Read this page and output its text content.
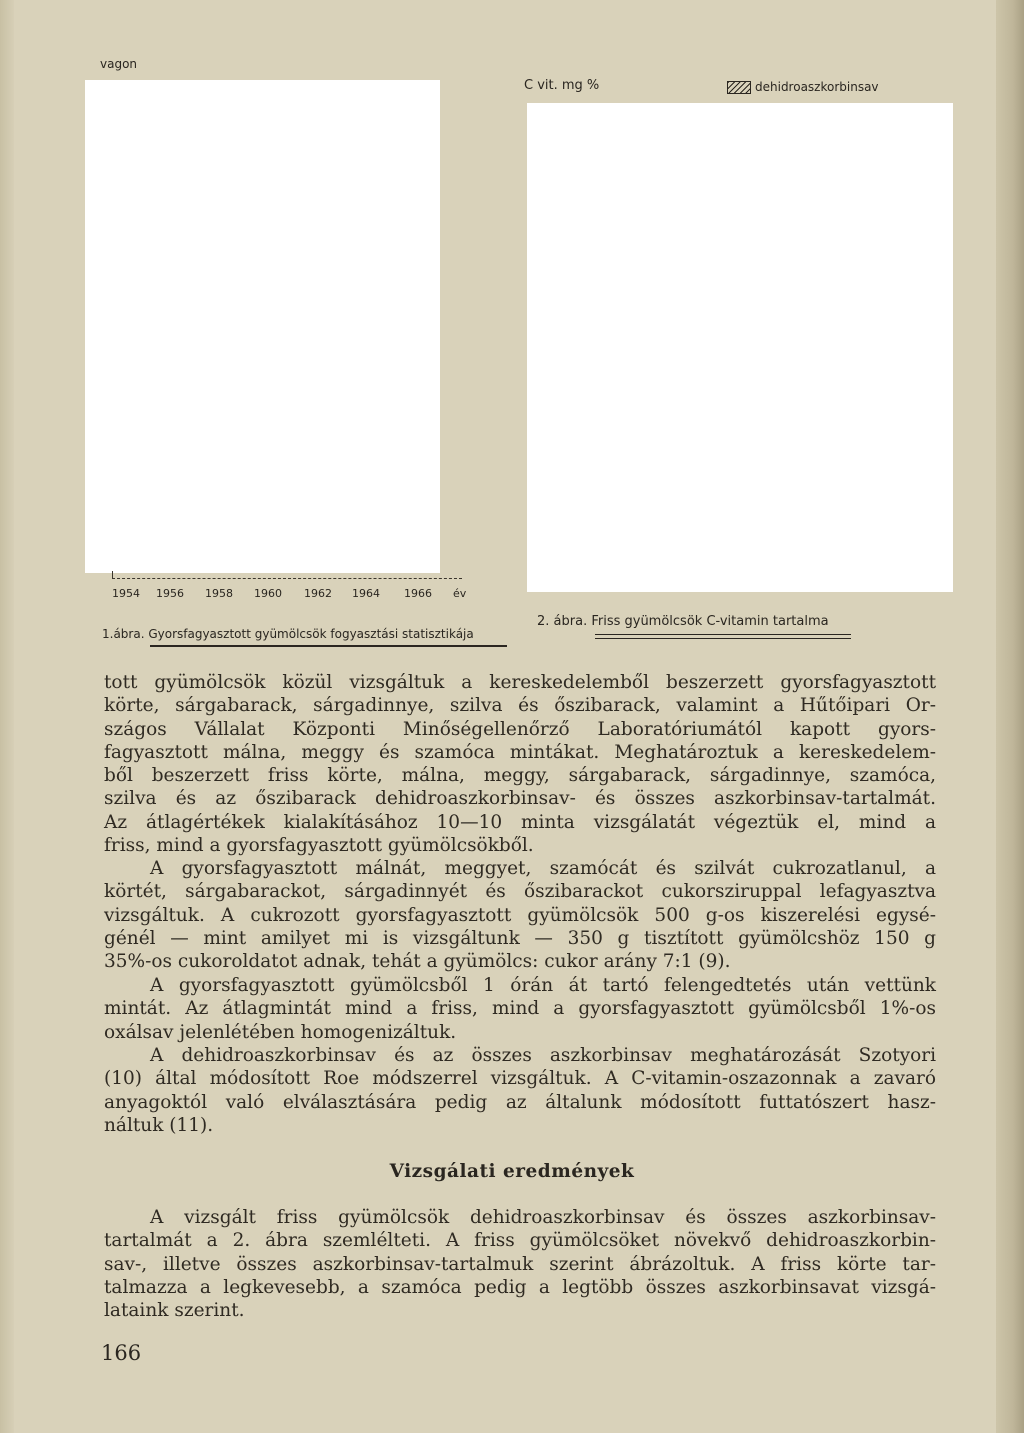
vagon
1954 1956 1958 1960 1962 1964 1966 év
1.ábra. Gyorsfagyasztott gyümölcsök fogyasztási statisztikája
C vit. mg %	dehidroaszkorbinsav
2. ábra. Friss gyümölcsök C-vitamin tartalma
tott gyümölcsök közül vizsgáltuk a kereskedelemből beszerzett gyorsfagyasztott
körte, sárgabarack, sárgadinnye, szilva és őszibarack, valamint a Hűtőipari Or-
szágos Vállalat Központi Minőségellenőrző Laboratóriumától kapott gyors-
fagyasztott málna, meggy és szamóca mintákat. Meghatároztuk a kereskedelem-
ből beszerzett friss körte, málna, meggy, sárgabarack, sárgadinnye, szamóca,
szilva és az őszibarack dehidroaszkorbinsav- és összes aszkorbinsav-tartalmát.
Az átlagértékek kialakításához 10—10 minta vizsgálatát végeztük el, mind a
friss, mind a gyorsfagyasztott gyümölcsökből.
A gyorsfagyasztott málnát, meggyet, szamócát és szilvát cukrozatlanul, a
körtét, sárgabarackot, sárgadinnyét és őszibarackot cukorsziruppal lefagyasztva
vizsgáltuk. A cukrozott gyorsfagyasztott gyümölcsök 500 g-os kiszerelési egysé-
génél — mint amilyet mi is vizsgáltunk — 350 g tisztított gyümölcshöz 150 g
35%-os cukoroldatot adnak, tehát a gyümölcs: cukor arány 7:1 (9).
A gyorsfagyasztott gyümölcsből 1 órán át tartó felengedtetés után vettünk
mintát. Az átlagmintát mind a friss, mind a gyorsfagyasztott gyümölcsből 1%-os
oxálsav jelenlétében homogenizáltuk.
A dehidroaszkorbinsav és az összes aszkorbinsav meghatározását Szotyori
(10) által módosított Roe módszerrel vizsgáltuk. A C-vitamin-oszazonnak a zavaró
anyagoktól való elválasztására pedig az általunk módosított futtatószert hasz-
náltuk (11).
Vizsgálati eredmények
A vizsgált friss gyümölcsök dehidroaszkorbinsav és összes aszkorbinsav-
tartalmát a 2. ábra szemlélteti. A friss gyümölcsöket növekvő dehidroaszkorbin-
sav-, illetve összes aszkorbinsav-tartalmuk szerint ábrázoltuk. A friss körte tar-
talmazza a legkevesebb, a szamóca pedig a legtöbb összes aszkorbinsavat vizsgá-
lataink szerint.
166
